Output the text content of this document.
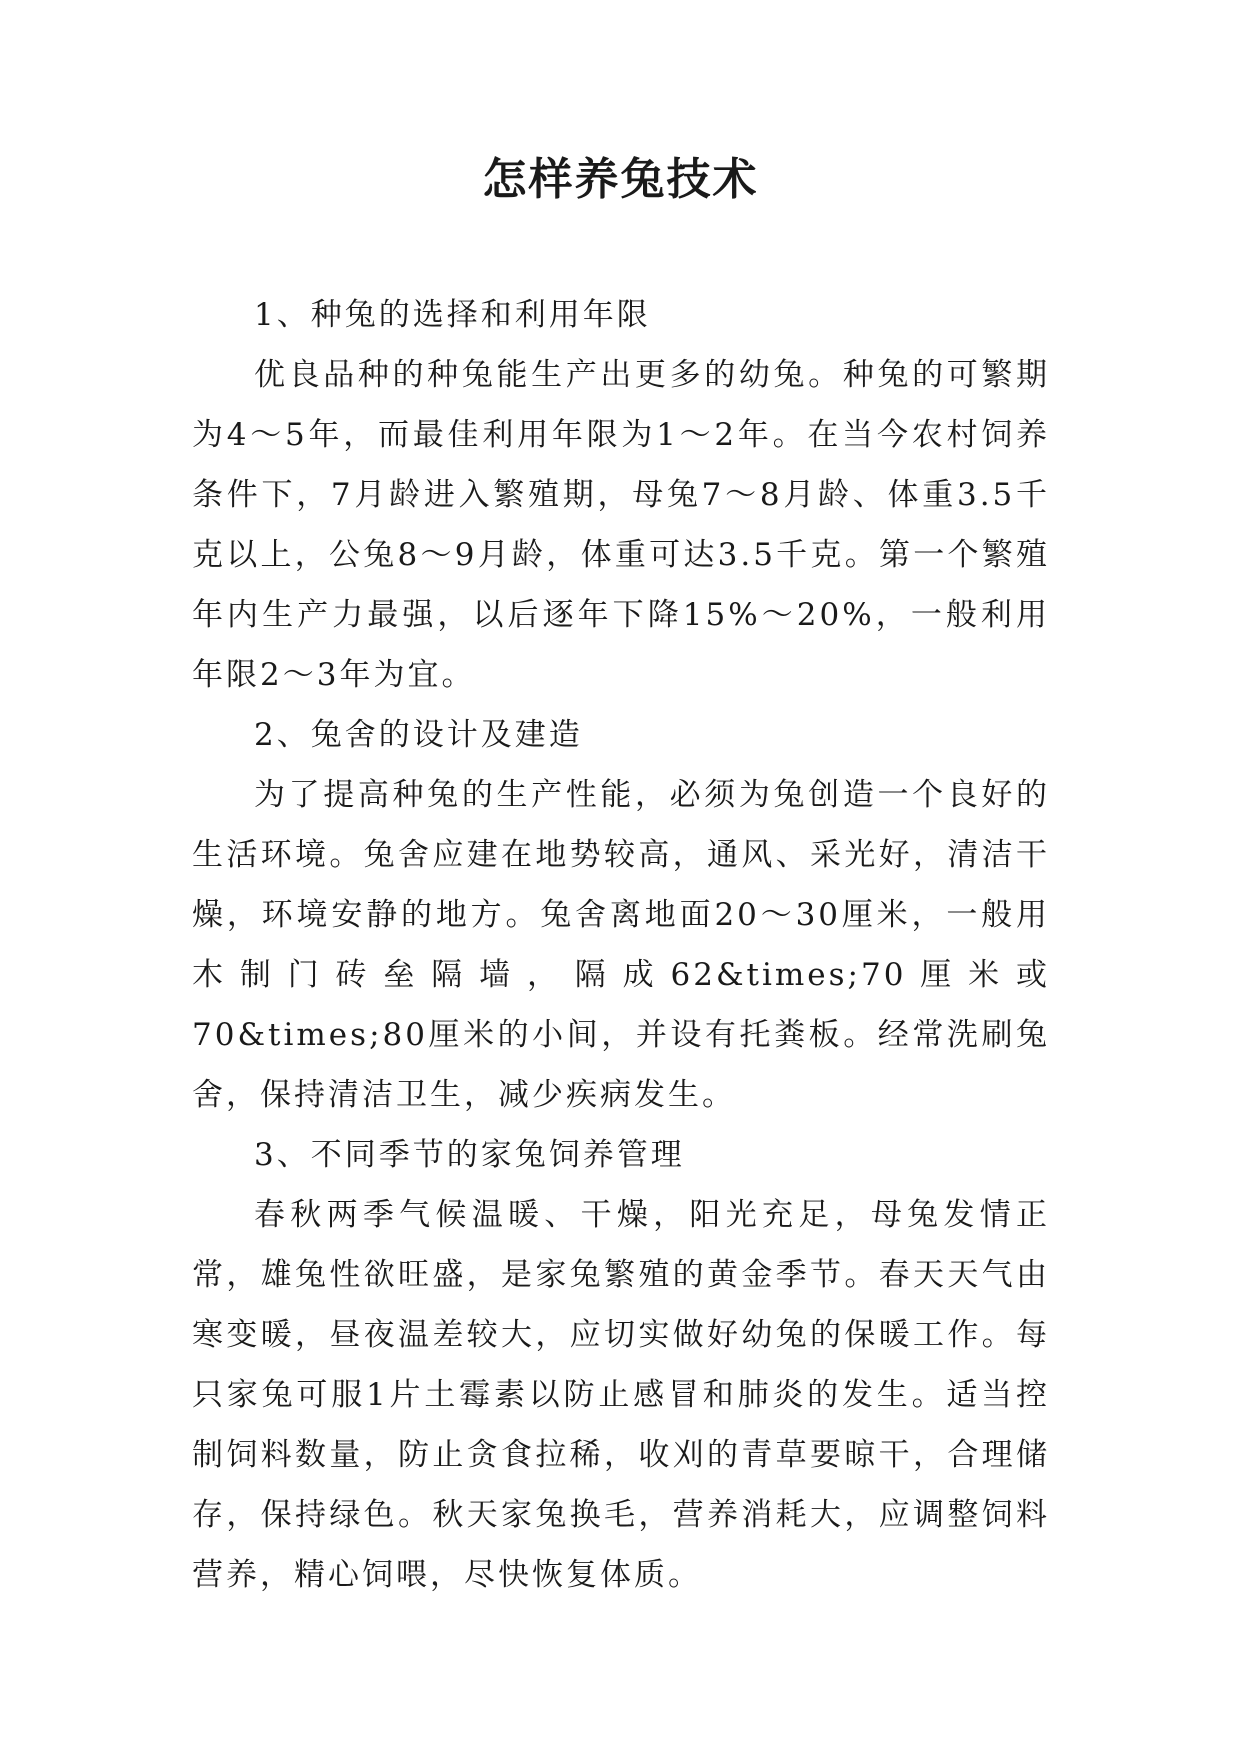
怎样养兔技术

1、种兔的选择和利用年限

优良品种的种兔能生产出更多的幼兔。种兔的可繁期为4～5年，而最佳利用年限为1～2年。在当今农村饲养条件下，7月龄进入繁殖期，母兔7～8月龄、体重3.5千克以上，公兔8～9月龄，体重可达3.5千克。第一个繁殖年内生产力最强，以后逐年下降15%～20%，一般利用年限2～3年为宜。

2、兔舍的设计及建造

为了提高种兔的生产性能，必须为兔创造一个良好的生活环境。兔舍应建在地势较高，通风、采光好，清洁干燥，环境安静的地方。兔舍离地面20～30厘米，一般用木制门砖垒隔墙，隔成62&times;70厘米或70&times;80厘米的小间，并设有托粪板。经常洗刷兔舍，保持清洁卫生，减少疾病发生。

3、不同季节的家兔饲养管理

春秋两季气候温暖、干燥，阳光充足，母兔发情正常，雄兔性欲旺盛，是家兔繁殖的黄金季节。春天天气由寒变暖，昼夜温差较大，应切实做好幼兔的保暖工作。每只家兔可服1片土霉素以防止感冒和肺炎的发生。适当控制饲料数量，防止贪食拉稀，收刈的青草要晾干，合理储存，保持绿色。秋天家兔换毛，营养消耗大，应调整饲料营养，精心饲喂，尽快恢复体质。
